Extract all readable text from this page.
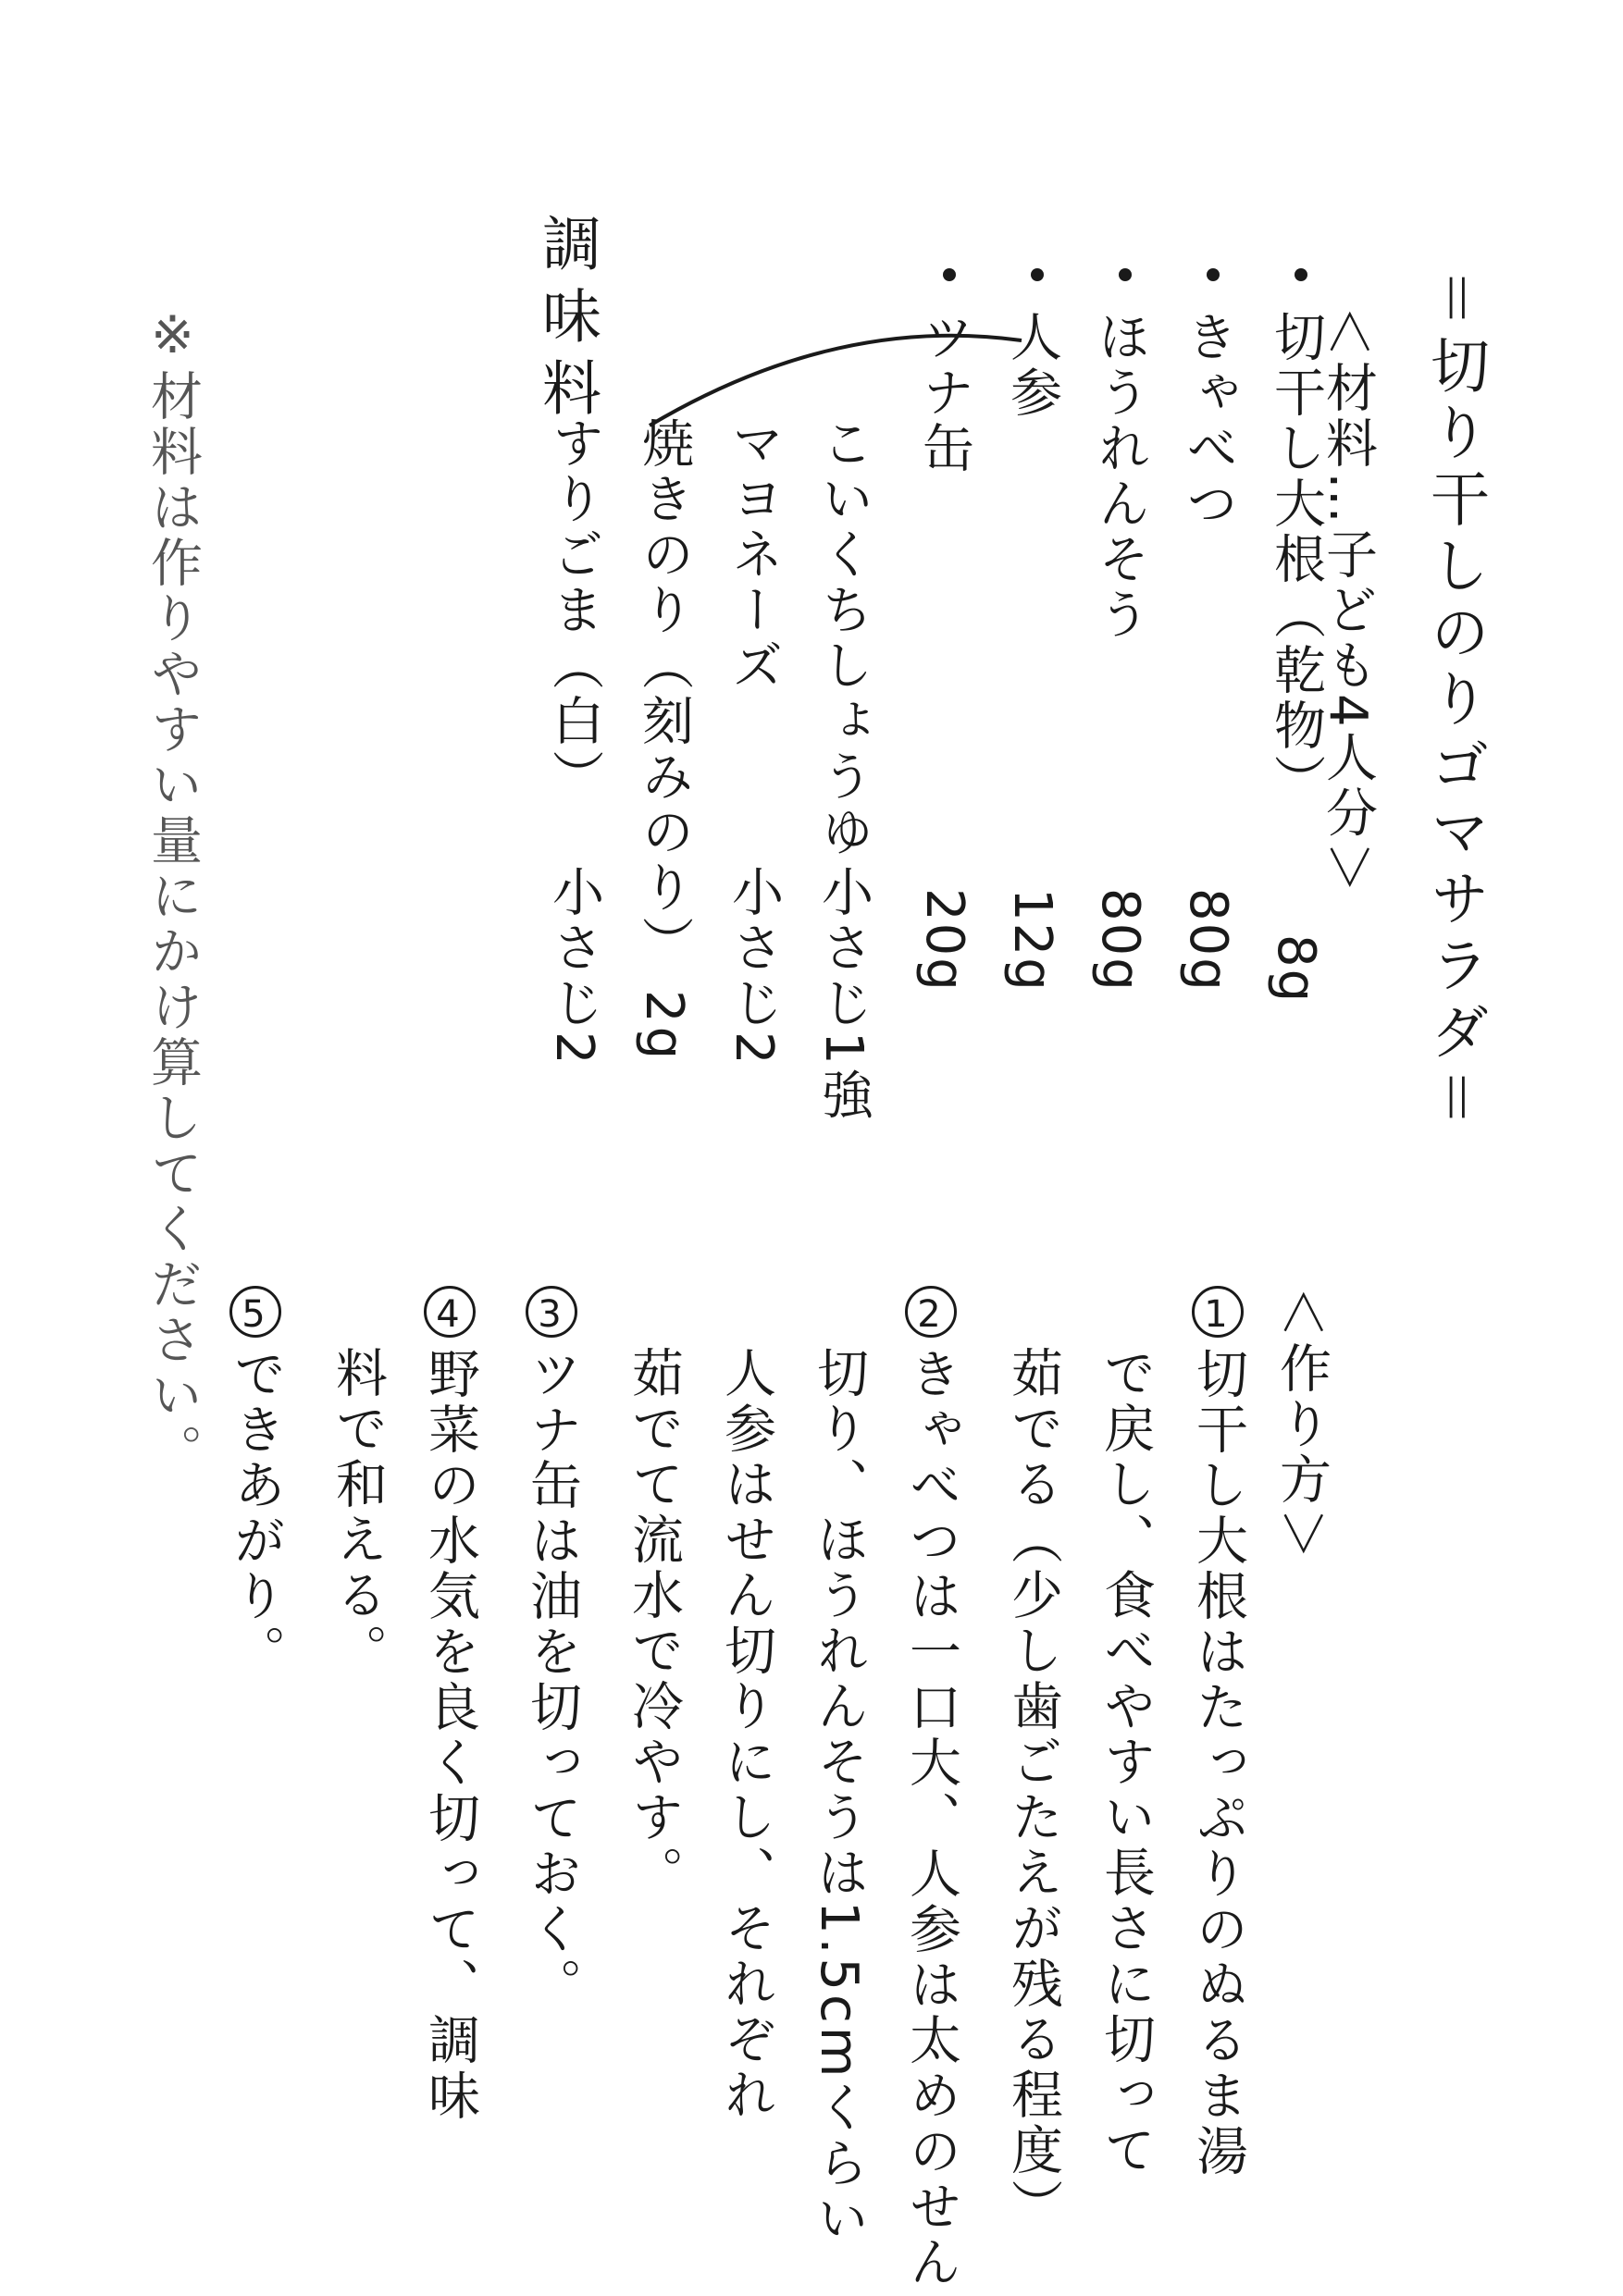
＝切り干しのりゴマサラダ＝
＜材料…子ども4人分＞
切干し大根（乾物）
8g
きゃべつ
80g
ほうれんそう
80g
人参
12g
ツナ缶
20g
調味料
こいくちしょうゆ
小さじ1強
マヨネーズ
小さじ2
焼きのり（刻みのり）
2g
すりごま（白）
小さじ2
※材料は作りやすい量にかけ算してください。	＜作り方＞
1切干し大根はたっぷりのぬるま湯
で戻し、食べやすい長さに切って
茹でる（少し歯ごたえが残る程度）
2きゃべつは一口大、人参は太めのせん
切り、ほうれんそうは1.5cmくらい
人参はせん切りにし、それぞれ
茹でて流水で冷やす。
3ツナ缶は油を切っておく。
4野菜の水気を良く切って、調味
料で和える。
5できあがり。
